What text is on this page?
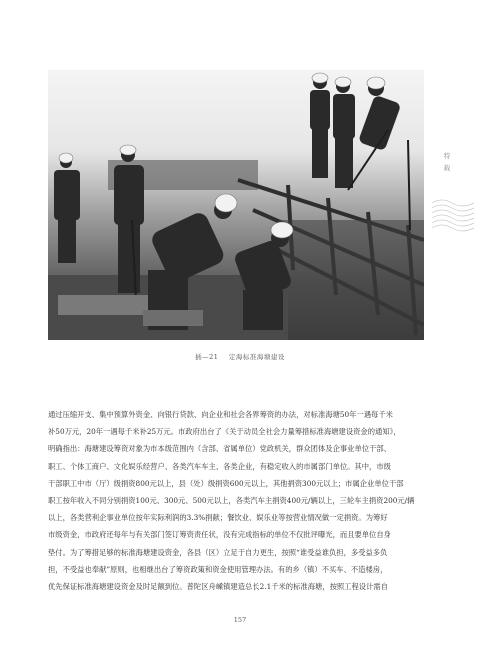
插—21 定海标准海塘建设
特
载

通过压缩开支、集中预算外资金、向银行贷款、向企业和社会各界筹资的办法，对标准海塘50年一遇每千米

补50万元，20年一遇每千米补25万元。市政府出台了《关于动员全社会力量筹措标准海塘建设资金的通知》，

明确指出：海塘建设筹资对象为市本级范围内（含部、省属单位）党政机关，群众团体及企事业单位干部、

职工、个体工商户、文化娱乐经营户、各类汽车车主、各类企业，有稳定收入的市属部门单位。其中，市级

干部职工中市（厅）级捐资800元以上，县（处）级捐资600元以上，其他捐资300元以上；市属企业单位干部

职工按年收入不同分别捐资100元、300元、500元以上，各类汽车主捐资400元/辆以上，三轮车主捐资200元/辆

以上，各类营利企事业单位按年实际利润的3.3%捐献；餐饮业、娱乐业等按营业情况做一定捐资。为筹好

市级资金，市政府还每年与有关部门签订筹资责任状，没有完成指标的单位不仅批评曝光，而且要单位自身

垫付。为了筹措足够的标准海塘建设资金，各县（区）立足于自力更生，按照“谁受益谁负担，多受益多负

担，不受益也奉献”原则，也相继出台了筹资政策和资金使用管理办法。有的乡（镇）不买车、不造楼房，

优先保证标准海塘建设资金及时足额到位。普陀区舟嵊镇建造总长2.1千米的标准海塘，按照工程设计需自

157
